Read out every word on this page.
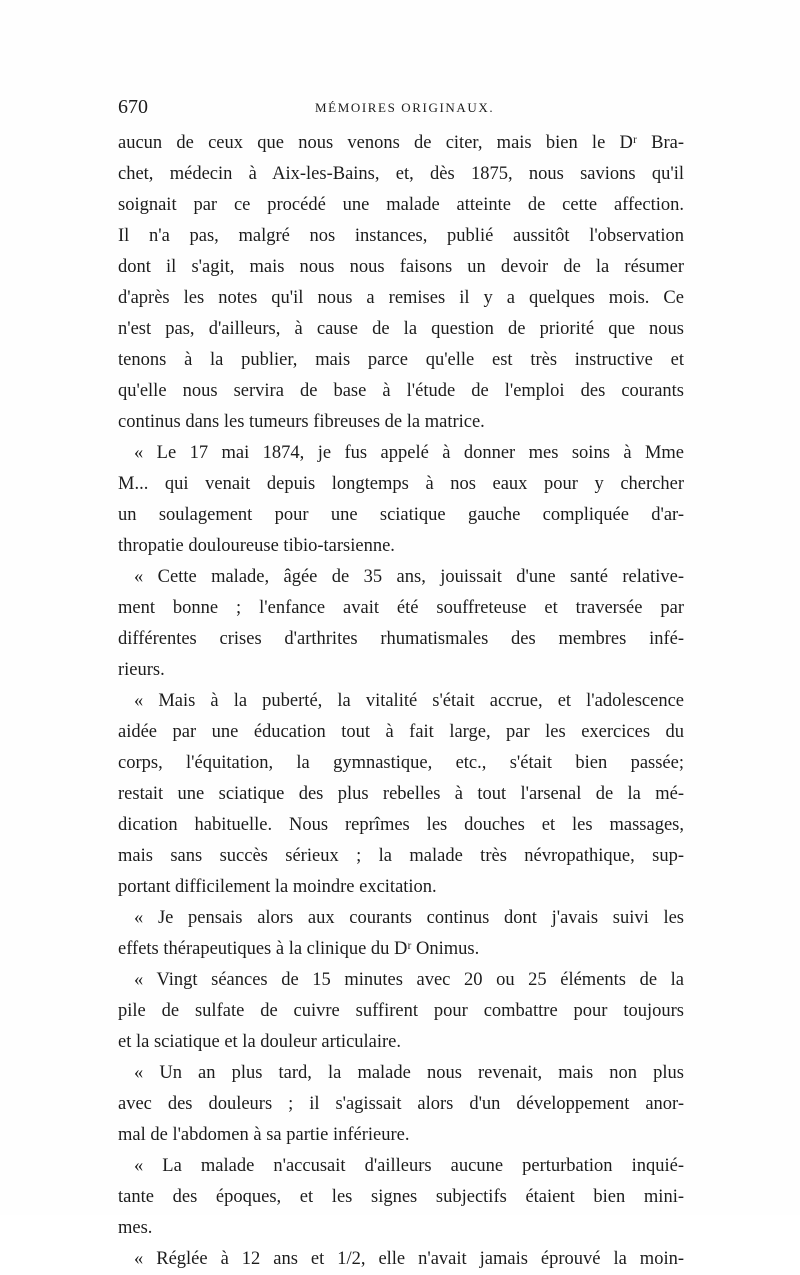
670	MÉMOIRES ORIGINAUX.
aucun de ceux que nous venons de citer, mais bien le Dʳ Bra-
chet, médecin à Aix-les-Bains, et, dès 1875, nous savions qu'il
soignait par ce procédé une malade atteinte de cette affection.
Il n'a pas, malgré nos instances, publié aussitôt l'observation
dont il s'agit, mais nous nous faisons un devoir de la résumer
d'après les notes qu'il nous a remises il y a quelques mois. Ce
n'est pas, d'ailleurs, à cause de la question de priorité que nous
tenons à la publier, mais parce qu'elle est très instructive et
qu'elle nous servira de base à l'étude de l'emploi des courants
continus dans les tumeurs fibreuses de la matrice.
« Le 17 mai 1874, je fus appelé à donner mes soins à Mme
M... qui venait depuis longtemps à nos eaux pour y chercher
un soulagement pour une sciatique gauche compliquée d'ar-
thropatie douloureuse tibio-tarsienne.
« Cette malade, âgée de 35 ans, jouissait d'une santé relative-
ment bonne ; l'enfance avait été souffreteuse et traversée par
différentes crises d'arthrites rhumatismales des membres infé-
rieurs.
« Mais à la puberté, la vitalité s'était accrue, et l'adolescence
aidée par une éducation tout à fait large, par les exercices du
corps, l'équitation, la gymnastique, etc., s'était bien passée;
restait une sciatique des plus rebelles à tout l'arsenal de la mé-
dication habituelle. Nous reprîmes les douches et les massages,
mais sans succès sérieux ; la malade très névropathique, sup-
portant difficilement la moindre excitation.
« Je pensais alors aux courants continus dont j'avais suivi les
effets thérapeutiques à la clinique du Dʳ Onimus.
« Vingt séances de 15 minutes avec 20 ou 25 éléments de la
pile de sulfate de cuivre suffirent pour combattre pour toujours
et la sciatique et la douleur articulaire.
« Un an plus tard, la malade nous revenait, mais non plus
avec des douleurs ; il s'agissait alors d'un développement anor-
mal de l'abdomen à sa partie inférieure.
« La malade n'accusait d'ailleurs aucune perturbation inquié-
tante des époques, et les signes subjectifs étaient bien mini-
mes.
« Réglée à 12 ans et 1/2, elle n'avait jamais éprouvé la moin-
